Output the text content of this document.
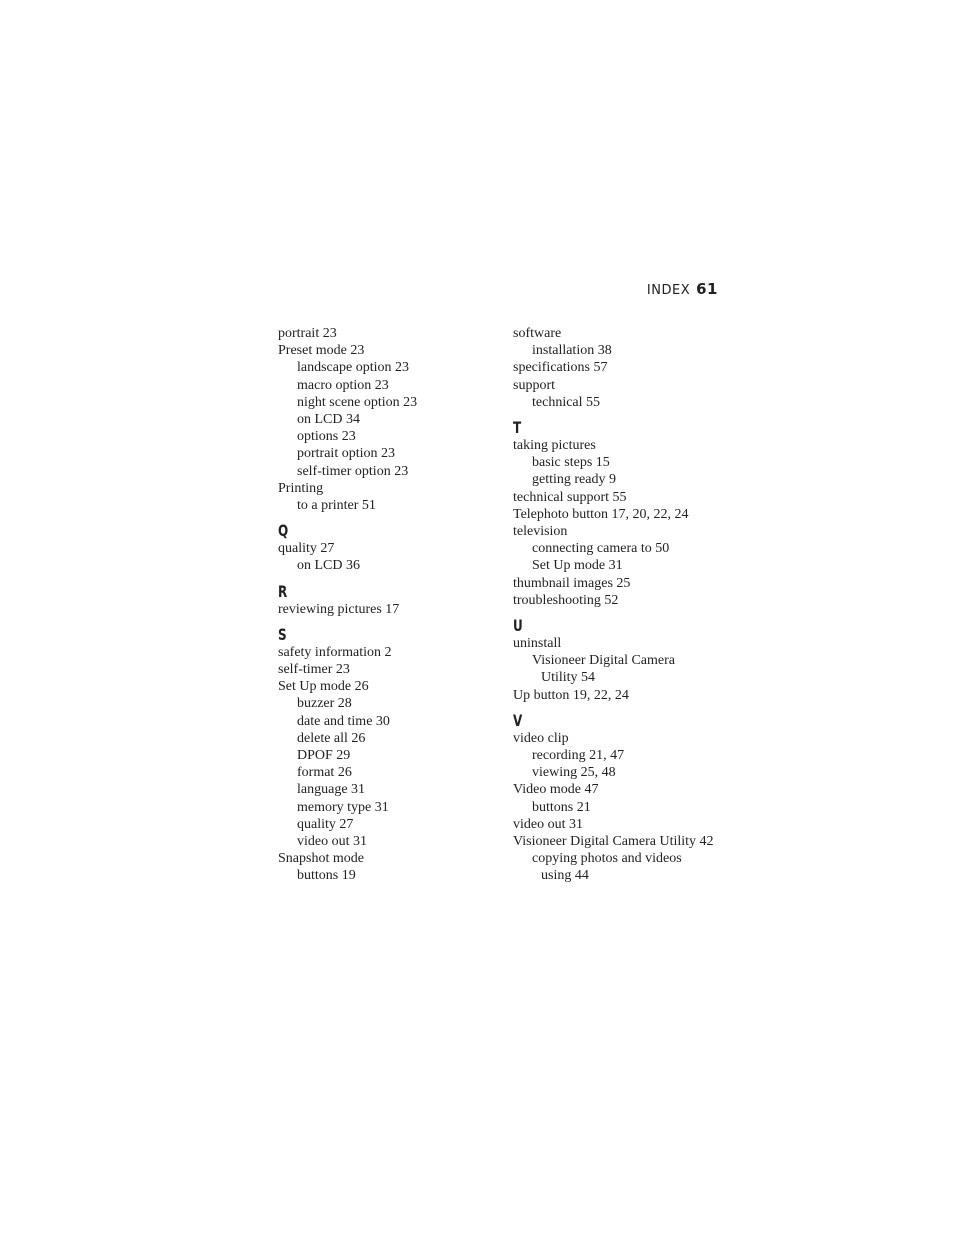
INDEX 61
portrait 23
Preset mode 23
landscape option 23
macro option 23
night scene option 23
on LCD 34
options 23
portrait option 23
self-timer option 23
Printing
to a printer 51
Q
quality 27
on LCD 36
R
reviewing pictures 17
S
safety information 2
self-timer 23
Set Up mode 26
buzzer 28
date and time 30
delete all 26
DPOF 29
format 26
language 31
memory type 31
quality 27
video out 31
Snapshot mode
buttons 19
software
installation 38
specifications 57
support
technical 55
T
taking pictures
basic steps 15
getting ready 9
technical support 55
Telephoto button 17, 20, 22, 24
television
connecting camera to 50
Set Up mode 31
thumbnail images 25
troubleshooting 52
U
uninstall
Visioneer Digital Camera
Utility 54
Up button 19, 22, 24
V
video clip
recording 21, 47
viewing 25, 48
Video mode 47
buttons 21
video out 31
Visioneer Digital Camera Utility 42
copying photos and videos
using 44
